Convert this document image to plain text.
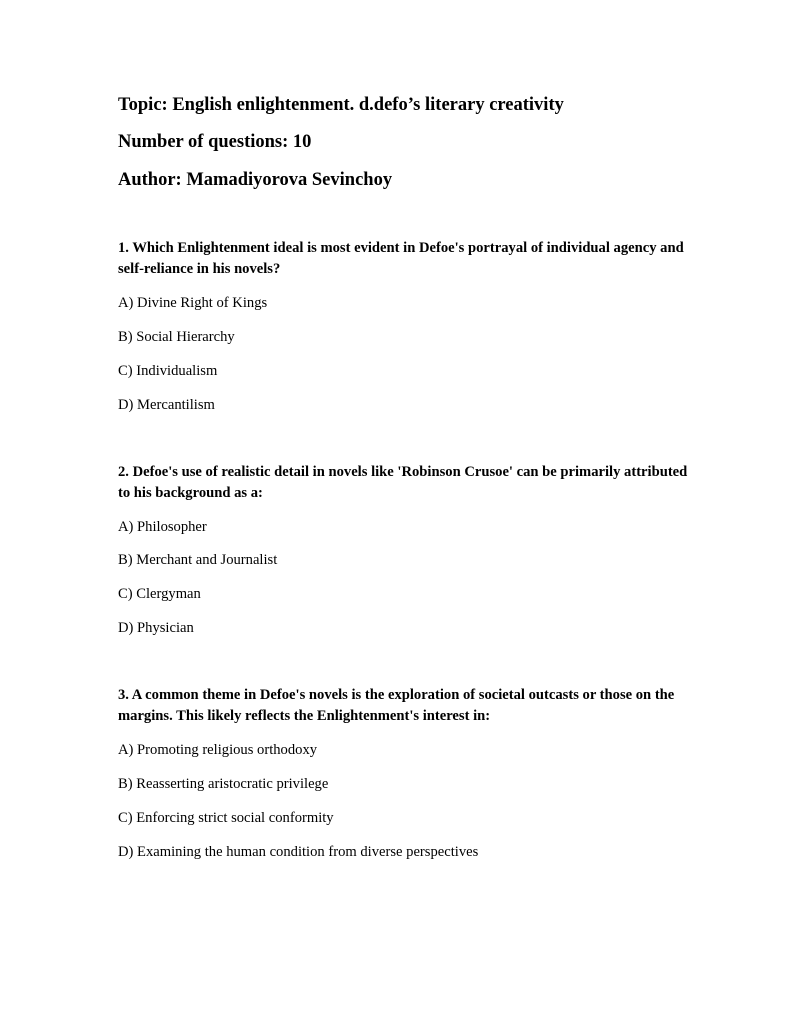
Topic: English enlightenment. d.defo’s literary creativity
Number of questions: 10
Author: Mamadiyorova Sevinchoy
1. Which Enlightenment ideal is most evident in Defoe's portrayal of individual agency and self-reliance in his novels?
A) Divine Right of Kings
B) Social Hierarchy
C) Individualism
D) Mercantilism
2. Defoe's use of realistic detail in novels like 'Robinson Crusoe' can be primarily attributed to his background as a:
A) Philosopher
B) Merchant and Journalist
C) Clergyman
D) Physician
3. A common theme in Defoe's novels is the exploration of societal outcasts or those on the margins. This likely reflects the Enlightenment's interest in:
A) Promoting religious orthodoxy
B) Reasserting aristocratic privilege
C) Enforcing strict social conformity
D) Examining the human condition from diverse perspectives
